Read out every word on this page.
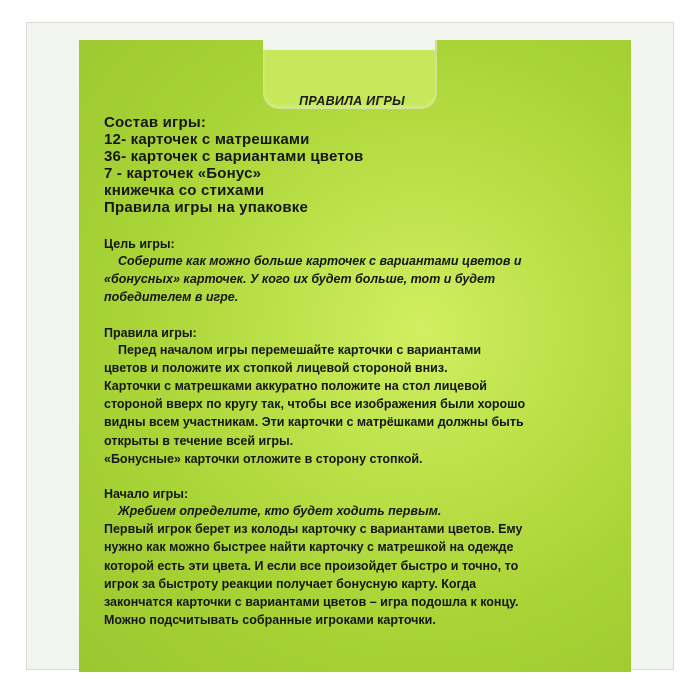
ПРАВИЛА ИГРЫ
Состав игры:
12- карточек с матрешками
36- карточек с вариантами цветов
7 - карточек «Бонус»
книжечка со стихами
Правила игры на упаковке
Цель игры:
Соберите как можно больше карточек с вариантами цветов и
«бонусных» карточек. У кого их будет больше, тот и будет
победителем в игре.
Правила игры:
Перед началом игры перемешайте карточки с вариантами
цветов и положите их стопкой лицевой стороной вниз.
Карточки с матрешками аккуратно положите на стол лицевой
стороной вверх по кругу так, чтобы все изображения были хорошо
видны всем участникам. Эти карточки с матрёшками должны быть
открыты в течение всей игры.
«Бонусные» карточки отложите в сторону стопкой.
Начало игры:
Жребием определите, кто будет ходить первым.
Первый игрок берет из колоды карточку с вариантами цветов. Ему
нужно как можно быстрее найти карточку с матрешкой на одежде
которой есть эти цвета. И если все произойдет быстро и точно, то
игрок за быстроту реакции получает бонусную карту. Когда
закончатся карточки с вариантами цветов – игра подошла к концу.
Можно подсчитывать собранные игроками карточки.
